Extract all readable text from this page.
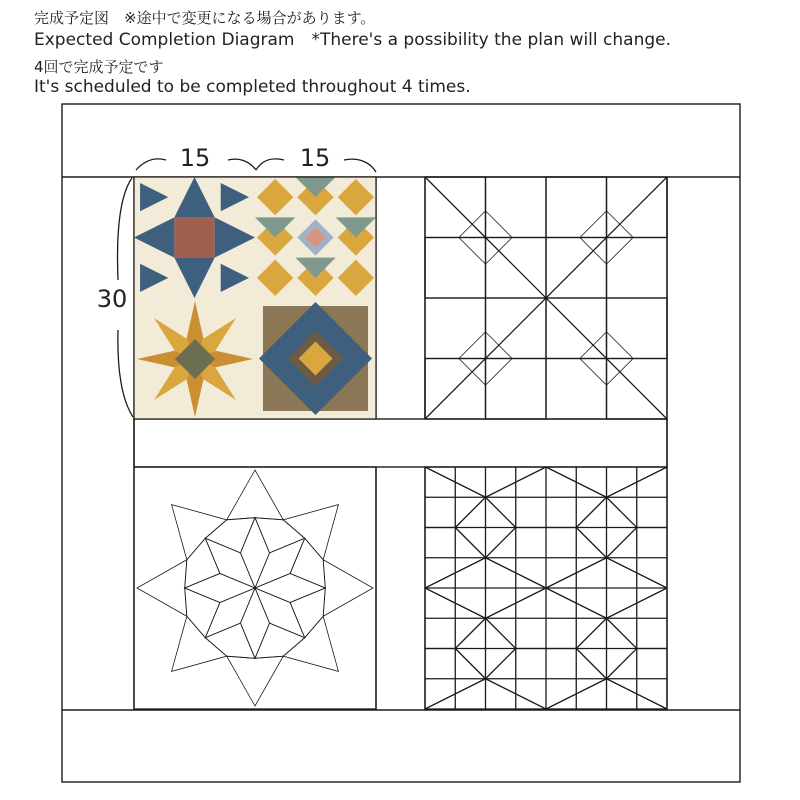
完成予定図　※途中で変更になる場合があります。
Expected Completion Diagram　*There's a possibility the plan will change.
4回で完成予定です
It's scheduled to be completed throughout 4 times.
15	15
30
